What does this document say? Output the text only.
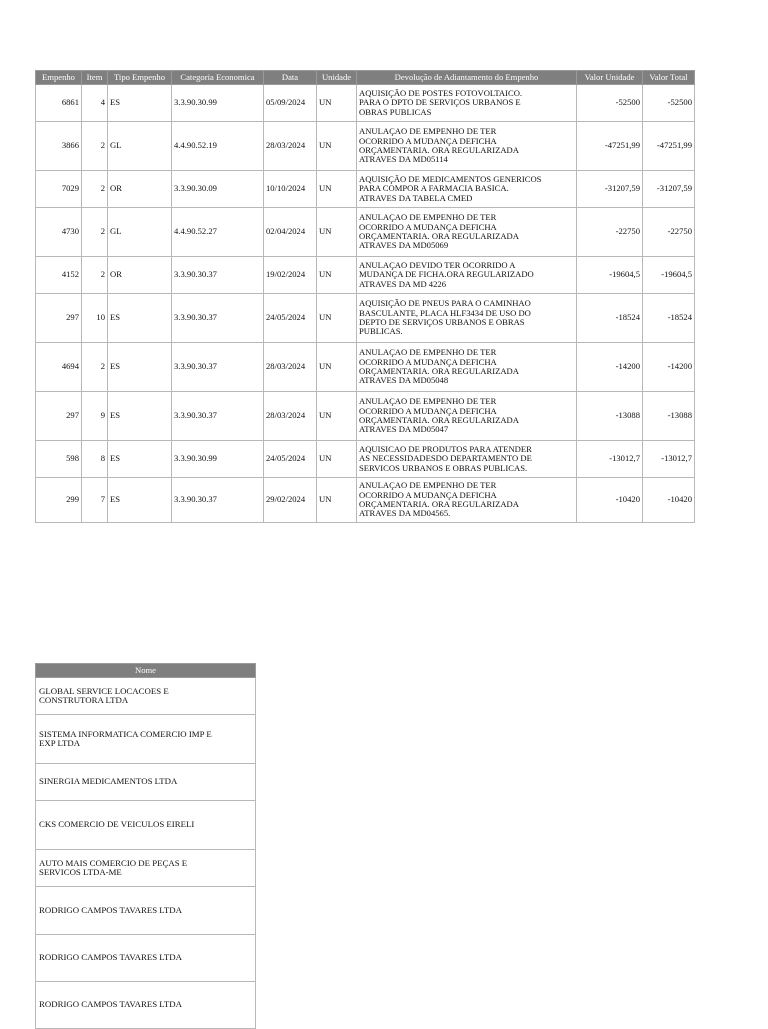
Empenho	Item	Tipo Empenho	Categoria Economica	Data	Unidade	Devolução de Adiantamento do Empenho	Valor Unidade	Valor Total
6861	4	ES	3.3.90.30.99	05/09/2024	UN	AQUISIÇÃO DE POSTES FOTOVOLTAICO.
PARA O DPTO DE SERVIÇOS URBANOS E
OBRAS PUBLICAS	-52500	-52500
3866	2	GL	4.4.90.52.19	28/03/2024	UN	ANULAÇAO DE EMPENHO DE TER
OCORRIDO A MUDANÇA DEFICHA
ORÇAMENTARIA. ORA REGULARIZADA
ATRAVES DA MD05114	-47251,99	-47251,99
7029	2	OR	3.3.90.30.09	10/10/2024	UN	AQUISIÇÃO DE MEDICAMENTOS GENERICOS
PARA COMPOR A FARMACIA BASICA.
ATRAVES DA TABELA CMED	-31207,59	-31207,59
4730	2	GL	4.4.90.52.27	02/04/2024	UN	ANULAÇAO DE EMPENHO DE TER
OCORRIDO A MUDANÇA DEFICHA
ORÇAMENTARIA. ORA REGULARIZADA
ATRAVES DA MD05069	-22750	-22750
4152	2	OR	3.3.90.30.37	19/02/2024	UN	ANULAÇAO DEVIDO TER OCORRIDO A
MUDANÇA DE FICHA.ORA REGULARIZADO
ATRAVES DA MD 4226	-19604,5	-19604,5
297	10	ES	3.3.90.30.37	24/05/2024	UN	AQUISIÇÃO DE PNEUS PARA O CAMINHAO
BASCULANTE, PLACA HLF3434 DE USO DO
DEPTO DE SERVIÇOS URBANOS E OBRAS
PUBLICAS.	-18524	-18524
4694	2	ES	3.3.90.30.37	28/03/2024	UN	ANULAÇAO DE EMPENHO DE TER
OCORRIDO A MUDANÇA DEFICHA
ORÇAMENTARIA. ORA REGULARIZADA
ATRAVES DA MD05048	-14200	-14200
297	9	ES	3.3.90.30.37	28/03/2024	UN	ANULAÇAO DE EMPENHO DE TER
OCORRIDO A MUDANÇA DEFICHA
ORÇAMENTARIA. ORA REGULARIZADA
ATRAVES DA MD05047	-13088	-13088
598	8	ES	3.3.90.30.99	24/05/2024	UN	AQUISICAO DE PRODUTOS PARA ATENDER
AS NECESSIDADESDO DEPARTAMENTO DE
SERVICOS URBANOS E OBRAS PUBLICAS.	-13012,7	-13012,7
299	7	ES	3.3.90.30.37	29/02/2024	UN	ANULAÇAO DE EMPENHO DE TER
OCORRIDO A MUDANÇA DEFICHA
ORÇAMENTARIA. ORA REGULARIZADA
ATRAVES DA MD04565.	-10420	-10420
Nome
GLOBAL SERVICE LOCACOES E
CONSTRUTORA LTDA
SISTEMA INFORMATICA COMERCIO IMP E
EXP LTDA
SINERGIA MEDICAMENTOS LTDA
CKS COMERCIO DE VEICULOS EIRELI
AUTO MAIS COMERCIO DE PEÇAS E
SERVICOS LTDA-ME
RODRIGO CAMPOS TAVARES LTDA
RODRIGO CAMPOS TAVARES LTDA
RODRIGO CAMPOS TAVARES LTDA
